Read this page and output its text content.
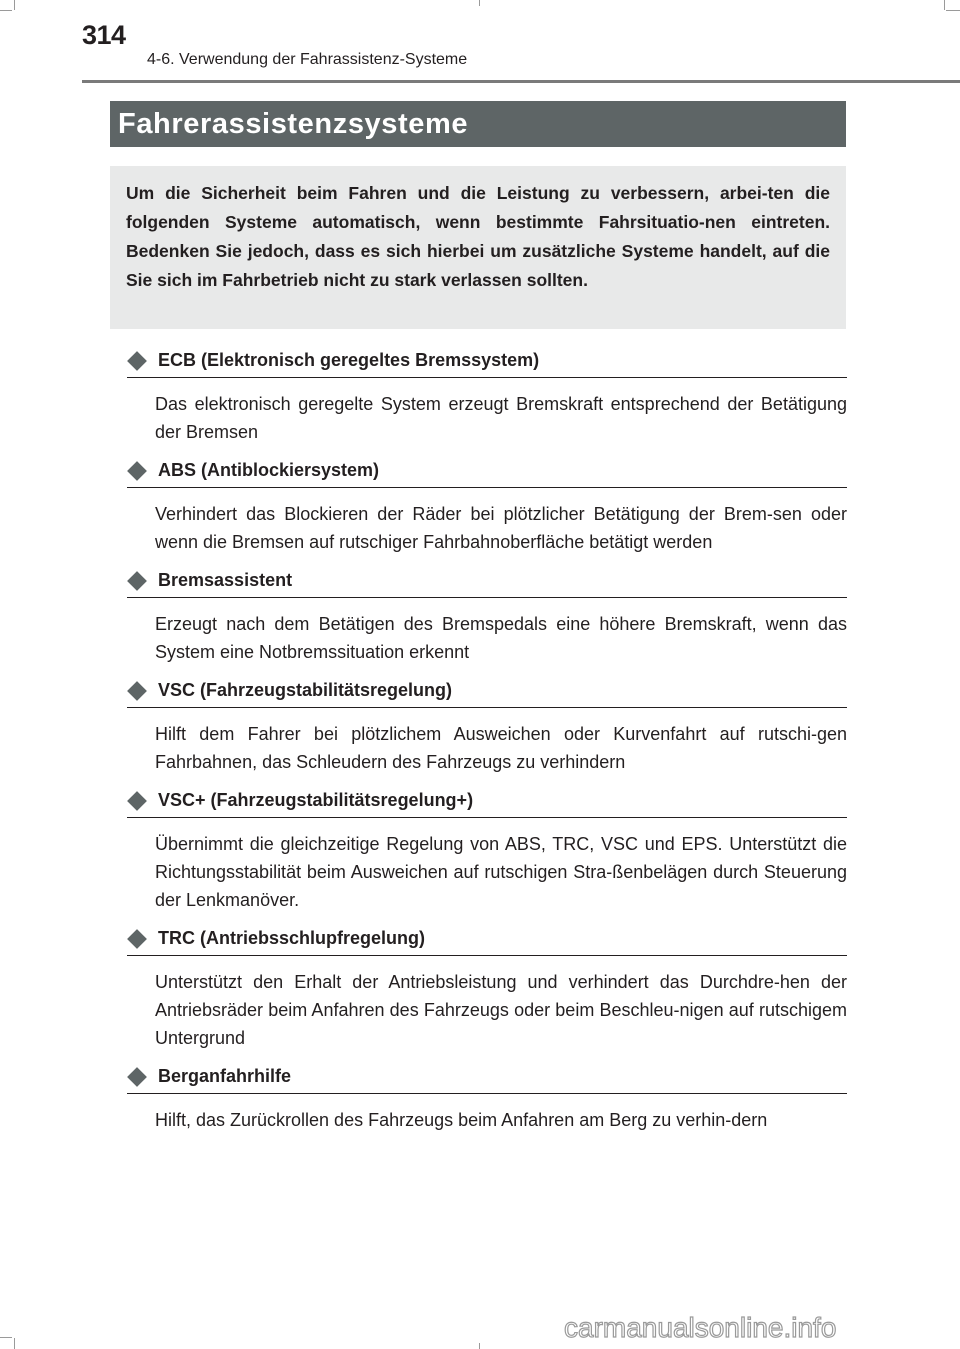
314
4-6. Verwendung der Fahrassistenz-Systeme
Fahrerassistenzsysteme
Um die Sicherheit beim Fahren und die Leistung zu verbessern, arbei-ten die folgenden Systeme automatisch, wenn bestimmte Fahrsituatio-nen eintreten. Bedenken Sie jedoch, dass es sich hierbei um zusätzliche Systeme handelt, auf die Sie sich im Fahrbetrieb nicht zu stark verlassen sollten.
ECB (Elektronisch geregeltes Bremssystem)
Das elektronisch geregelte System erzeugt Bremskraft entsprechend der Betätigung der Bremsen
ABS (Antiblockiersystem)
Verhindert das Blockieren der Räder bei plötzlicher Betätigung der Brem-sen oder wenn die Bremsen auf rutschiger Fahrbahnoberfläche betätigt werden
Bremsassistent
Erzeugt nach dem Betätigen des Bremspedals eine höhere Bremskraft, wenn das System eine Notbremssituation erkennt
VSC (Fahrzeugstabilitätsregelung)
Hilft dem Fahrer bei plötzlichem Ausweichen oder Kurvenfahrt auf rutschi-gen Fahrbahnen, das Schleudern des Fahrzeugs zu verhindern
VSC+ (Fahrzeugstabilitätsregelung+)
Übernimmt die gleichzeitige Regelung von ABS, TRC, VSC und EPS. Unterstützt die Richtungsstabilität beim Ausweichen auf rutschigen Stra-ßenbelägen durch Steuerung der Lenkmanöver.
TRC (Antriebsschlupfregelung)
Unterstützt den Erhalt der Antriebsleistung und verhindert das Durchdre-hen der Antriebsräder beim Anfahren des Fahrzeugs oder beim Beschleu-nigen auf rutschigem Untergrund
Berganfahrhilfe
Hilft, das Zurückrollen des Fahrzeugs beim Anfahren am Berg zu verhin-dern
carmanualsonline.info
